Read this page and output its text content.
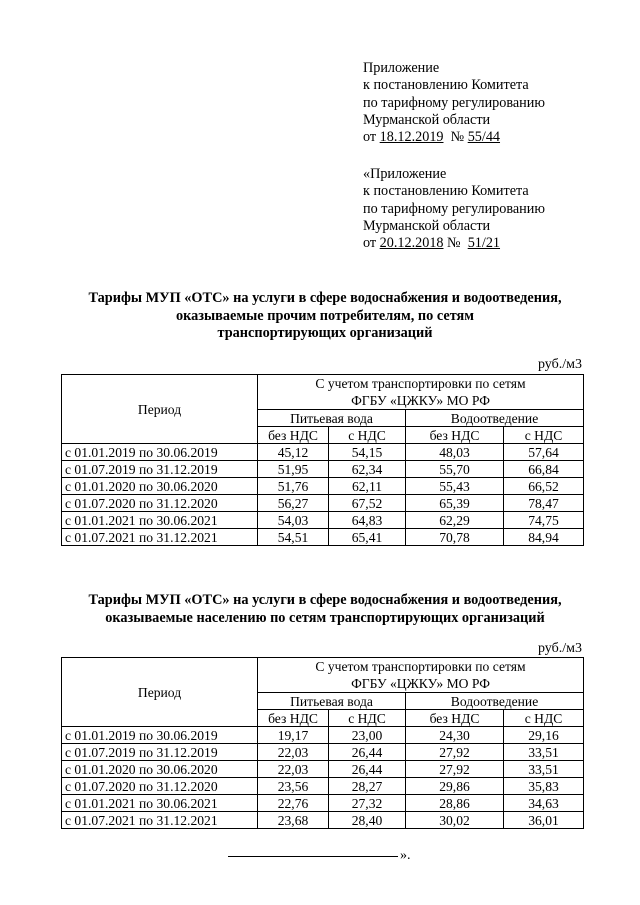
Приложение
к постановлению Комитета
по тарифному регулированию
Мурманской области
от 18.12.2019 № 55/44
«Приложение
к постановлению Комитета
по тарифному регулированию
Мурманской области
от 20.12.2018 № 51/21
Тарифы МУП «ОТС» на услуги в сфере водоснабжения и водоотведения,
оказываемые прочим потребителям, по сетям
транспортирующих организаций
руб./м3
Период	С учетом транспортировки по сетям
ФГБУ «ЦЖКУ» МО РФ			

	Питьевая вода		Водоотведение	
	без НДС	с НДС	без НДС	с НДС
с 01.01.2019 по 30.06.2019	45,12	54,15	48,03	57,64
с 01.07.2019 по 31.12.2019	51,95	62,34	55,70	66,84
с 01.01.2020 по 30.06.2020	51,76	62,11	55,43	66,52
с 01.07.2020 по 31.12.2020	56,27	67,52	65,39	78,47
с 01.01.2021 по 30.06.2021	54,03	64,83	62,29	74,75
с 01.07.2021 по 31.12.2021	54,51	65,41	70,78	84,94
Тарифы МУП «ОТС» на услуги в сфере водоснабжения и водоотведения,
оказываемые населению по сетям транспортирующих организаций
руб./м3
Период	С учетом транспортировки по сетям
ФГБУ «ЦЖКУ» МО РФ			

	Питьевая вода		Водоотведение	
	без НДС	с НДС	без НДС	с НДС
с 01.01.2019 по 30.06.2019	19,17	23,00	24,30	29,16
с 01.07.2019 по 31.12.2019	22,03	26,44	27,92	33,51
с 01.01.2020 по 30.06.2020	22,03	26,44	27,92	33,51
с 01.07.2020 по 31.12.2020	23,56	28,27	29,86	35,83
с 01.01.2021 по 30.06.2021	22,76	27,32	28,86	34,63
с 01.07.2021 по 31.12.2021	23,68	28,40	30,02	36,01
».
